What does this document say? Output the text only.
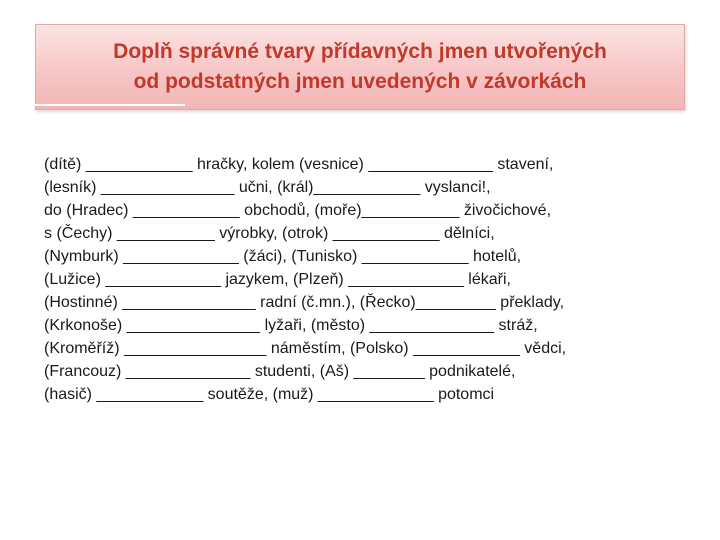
Doplň správné tvary přídavných jmen utvořených
od podstatných jmen uvedených v závorkách
(dítě) ____________ hračky, kolem (vesnice) ______________ stavení,
(lesník) _______________ učni, (král)____________ vyslanci!,
do (Hradec) ____________ obchodů, (moře)___________ živočichové,
s (Čechy) ___________ výrobky, (otrok) ____________ dělníci,
(Nymburk) _____________ (žáci), (Tunisko) ____________ hotelů,
(Lužice) _____________ jazykem, (Plzeň) _____________ lékaři,
(Hostinné) _______________ radní (č.mn.), (Řecko)_________ překlady,
(Krkonoše) _______________ lyžaři, (město) ______________ stráž,
(Kroměříž) ________________ náměstím, (Polsko) ____________ vědci,
(Francouz) ______________ studenti, (Aš) ________ podnikatelé,
(hasič) ____________ soutěže, (muž) _____________ potomci
